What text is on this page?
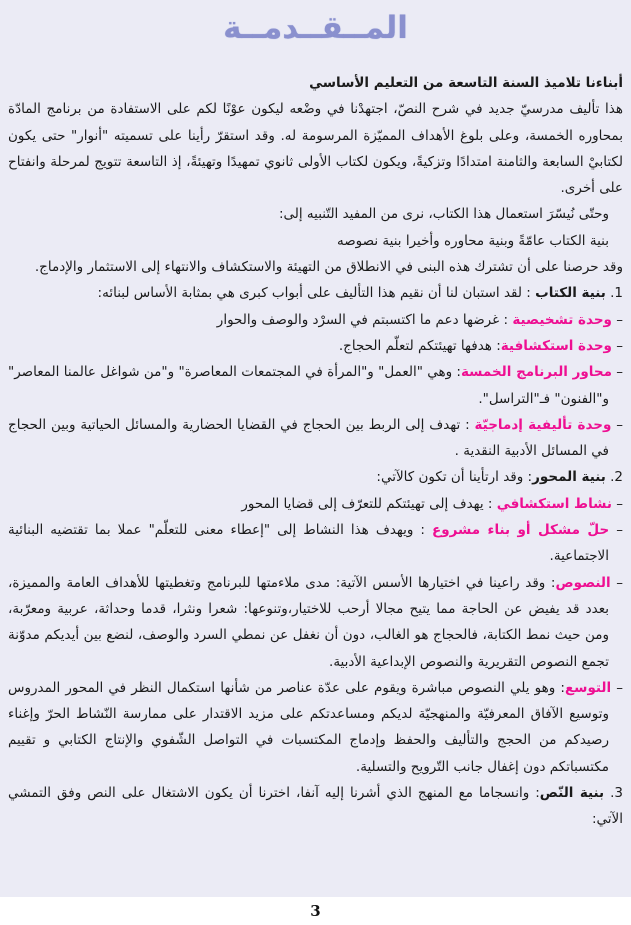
المــقــدمــة

أبناءنا تلاميذ السنة التاسعة من التعليم الأساسي

هذا تأليف مدرسيّ جديد في شرح النصّ، اجتهدْنا في وضْعه ليكون عوْنًا لكم على الاستفادة من برنامج المادّة بمحاوره الخمسة، وعلى بلوغ الأهداف المميّزة المرسومة له. وقد استقرّ رأينا على تسميته "أنوار" حتى يكون لكتابيْ السابعة والثامنة امتدادًا وتزكيةً، ويكون لكتاب الأولى ثانوي تمهيدًا وتهيئةً، إذ التاسعة تتويج لمرحلة وانفتاح على أخرى.

وحتّى نُيسّرَ استعمال هذا الكتاب، نرى من المفيد التّنبيه إلى:

بنية الكتاب عامّةً وبنية محاوره وأخيرا بنية نصوصه

وقد حرصنا على أن تشترك هذه البنى في الانطلاق من التهيئة والاستكشاف والانتهاء إلى الاستثمار والإدماج.

1. بنية الكتاب : لقد استبان لنا أن نقيم هذا التأليف على أبواب كبرى هي بمثابة الأساس لبنائه:

– وحدة تشخيصية : غرضها دعم ما اكتسبتم في السرْد والوصف والحوار

– وحدة استكشافية: هدفها تهيئتكم لتعلّم الحجاج.

– محاور البرنامج الخمسة: وهي "العمل" و"المرأة في المجتمعات المعاصرة" و"من شواغل عالمنا المعاصر" و"الفنون" فـ"التراسل".

– وحدة تأليفية إدماجيّة : تهدف إلى الربط بين الحجاج في القضايا الحضارية والمسائل الحياتية وبين الحجاج في المسائل الأدبية النقدية .

2. بنية المحور: وقد ارتأينا أن تكون كالآتي:

– نشاط استكشافي : يهدف إلى تهيئتكم للتعرّف إلى قضايا المحور

– حلّ مشكل أو بناء مشروع : ويهدف هذا النشاط إلى "إعطاء معنى للتعلّم" عملا بما تقتضيه البنائية الاجتماعية.

– النصوص: وقد راعينا في اختيارها الأسس الآتية: مدى ملاءمتها للبرنامج وتغطيتها للأهداف العامة والمميزة، بعدد قد يفيض عن الحاجة مما يتيح مجالا أرحب للاختيار،وتنوعها: شعرا ونثرا، قدما وحداثة، عربية ومعرّبة، ومن حيث نمط الكتابة، فالحجاج هو الغالب، دون أن نغفل عن نمطي السرد والوصف، لنضع بين أيديكم مدوّنة تجمع النصوص التقريرية والنصوص الإبداعية الأدبية.

– التوسع: وهو يلي النصوص مباشرة ويقوم على عدّة عناصر من شأنها استكمال النظر في المحور المدروس وتوسيع الآفاق المعرفيّة والمنهجيّة لديكم ومساعدتكم على مزيد الاقتدار على ممارسة النّشاط الحرّ وإغناء رصيدكم من الحجج والتأليف والحفظ وإدماج المكتسبات في التواصل الشّفوي والإنتاج الكتابي و تقييم مكتسباتكم دون إغفال جانب التّرويح والتسلية.

3. بنية النّص: وانسجاما مع المنهج الذي أشرنا إليه آنفا، اخترنا أن يكون الاشتغال على النص وفق التمشي الآتي:

3
